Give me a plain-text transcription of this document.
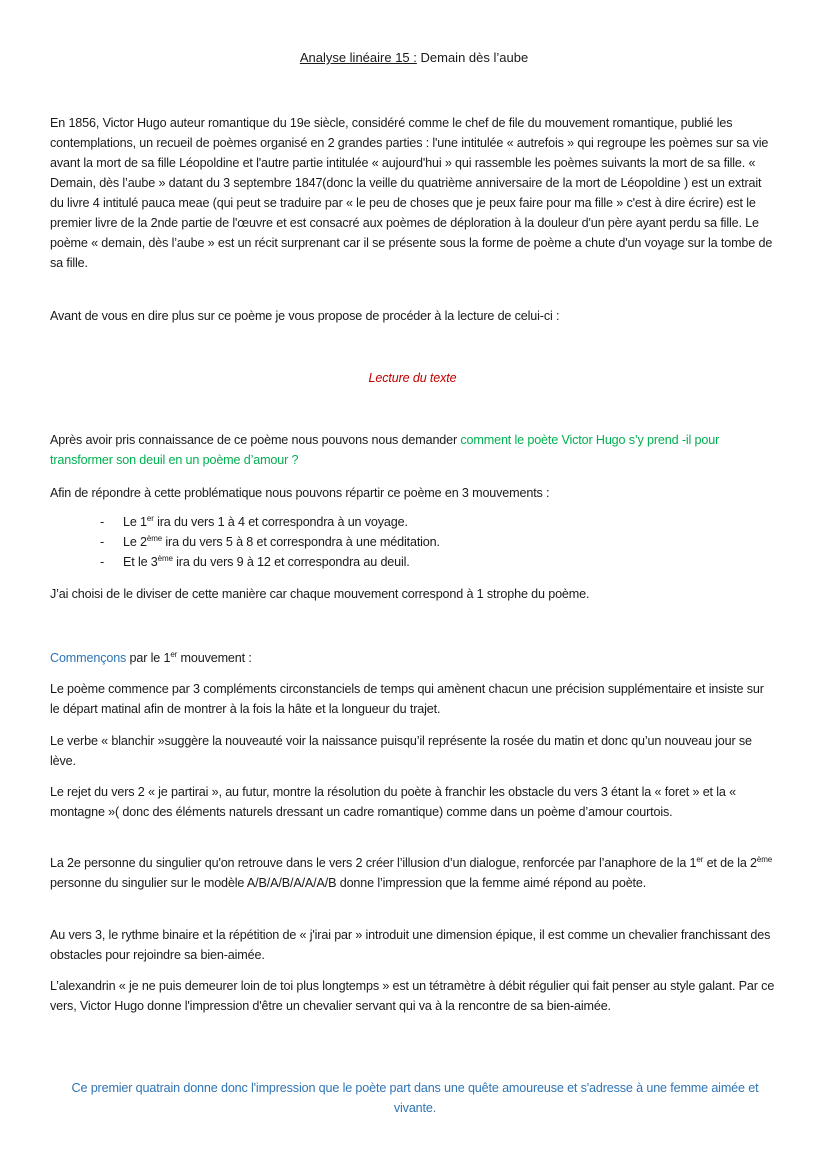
Analyse linéaire 15 : Demain dès l’aube

En 1856, Victor Hugo auteur romantique du 19e siècle, considéré comme le chef de file du mouvement romantique, publié les contemplations, un recueil de poèmes organisé en 2 grandes parties : l'une intitulée « autrefois » qui regroupe les poèmes sur sa vie avant la mort de sa fille Léopoldine et l'autre partie intitulée « aujourd'hui » qui rassemble les poèmes suivants la mort de sa fille. « Demain, dès l’aube » datant du 3 septembre 1847(donc la veille du quatrième anniversaire de la mort de Léopoldine ) est un extrait du livre 4 intitulé pauca meae (qui peut se traduire par « le peu de choses que je peux faire pour ma fille » c'est à dire écrire) est le premier livre de la 2nde partie de l'œuvre et est consacré aux poèmes de déploration à la douleur d'un père ayant perdu sa fille. Le poème « demain, dès l’aube » est un récit surprenant car il se présente sous la forme de poème a chute d'un voyage sur la tombe de sa fille.

Avant de vous en dire plus sur ce poème je vous propose de procéder à la lecture de celui-ci :

Lecture du texte

Après avoir pris connaissance de ce poème nous pouvons nous demander comment le poète Victor Hugo s’y prend -il pour transformer son deuil en un poème d’amour ?

Afin de répondre à cette problématique nous pouvons répartir ce poème en 3 mouvements :

- Le 1er ira du vers 1 à 4 et correspondra à un voyage.
- Le 2ème ira du vers 5 à 8 et correspondra à une méditation.
- Et le 3ème ira du vers 9 à 12 et correspondra au deuil.

J’ai choisi de le diviser de cette manière car chaque mouvement correspond à 1 strophe du poème.

Commençons par le 1er mouvement :

Le poème commence par 3 compléments circonstanciels de temps qui amènent chacun une précision supplémentaire et insiste sur le départ matinal afin de montrer à la fois la hâte et la longueur du trajet.

Le verbe « blanchir »suggère la nouveauté voir la naissance puisqu’il représente la rosée du matin et donc qu’un nouveau jour se lève.

Le rejet du vers 2 « je partirai », au futur, montre la résolution du poète à franchir les obstacle du vers 3 étant la « foret » et la « montagne »( donc des éléments naturels dressant un cadre romantique) comme dans un poème d’amour courtois.

La 2e personne du singulier qu'on retrouve dans le vers 2 créer l’illusion d’un dialogue, renforcée par l’anaphore de la 1er et de la 2ème personne du singulier sur le modèle A/B/A/B/A/A/A/B donne l’impression que la femme aimé répond au poète.

Au vers 3, le rythme binaire et la répétition de « j'irai par » introduit une dimension épique, il est comme un chevalier franchissant des obstacles pour rejoindre sa bien-aimée.

L’alexandrin « je ne puis demeurer loin de toi plus longtemps » est un tétramètre à débit régulier qui fait penser au style galant. Par ce vers, Victor Hugo donne l'impression d'être un chevalier servant qui va à la rencontre de sa bien-aimée.

Ce premier quatrain donne donc l'impression que le poète part dans une quête amoureuse et s'adresse à une femme aimée et vivante.
